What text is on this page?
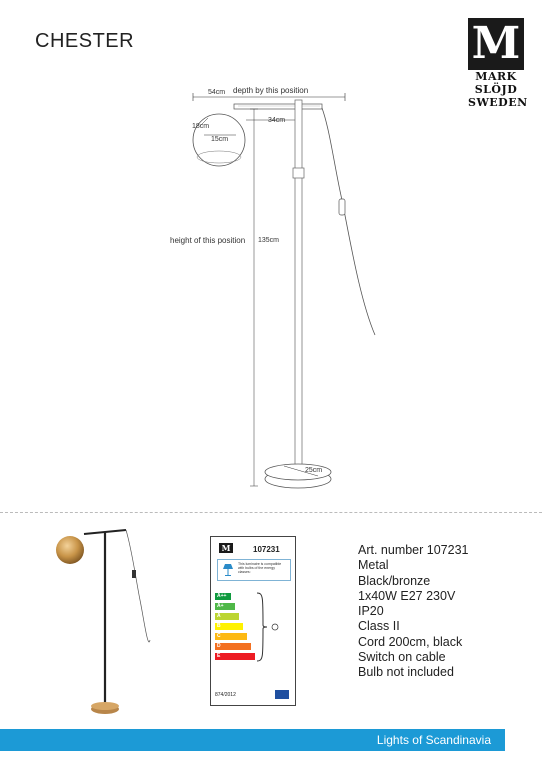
CHESTER	M
MARK
SLÖJD
SWEDEN
54cm depth by this position
18cm
34cm
15cm
height of this position 135cm
25cm
M	107231
This luminaire is compatible with bulbs of the energy classes:
A++
A+
A
B
C
D
E
874/2012
Art. number 107231
Metal
Black/bronze
1x40W E27 230V
IP20
Class II
Cord 200cm, black
Switch on cable
Bulb not included
Lights of Scandinavia
